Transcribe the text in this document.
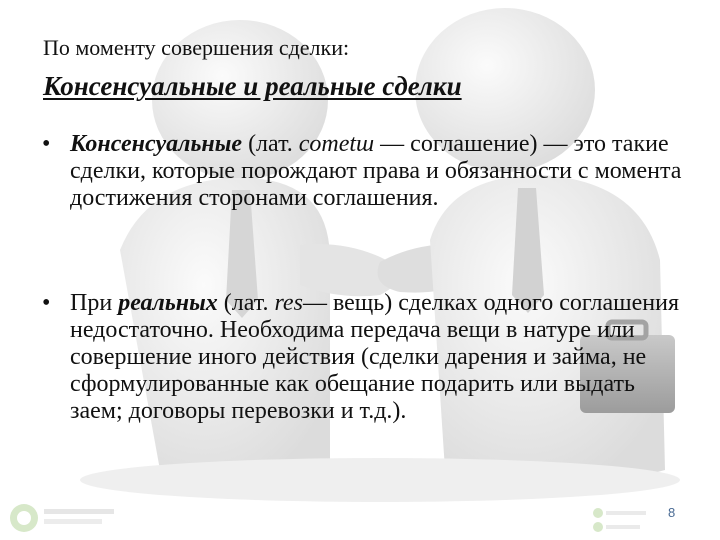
По моменту совершения сделки:
Консенсуальные и реальные сделки
• Консенсуальные (лат. cometш — соглашение) — это такие сделки, которые порождают права и обязанности с момента достижения сторонами соглашения.
• При реальных (лат. res— вещь) сделках одного соглашения недостаточно. Необходима передача вещи в натуре или совершение иного действия (сделки дарения и займа, не сформулированные как обещание подарить или выдать заем; договоры перевозки и т.д.).
8
